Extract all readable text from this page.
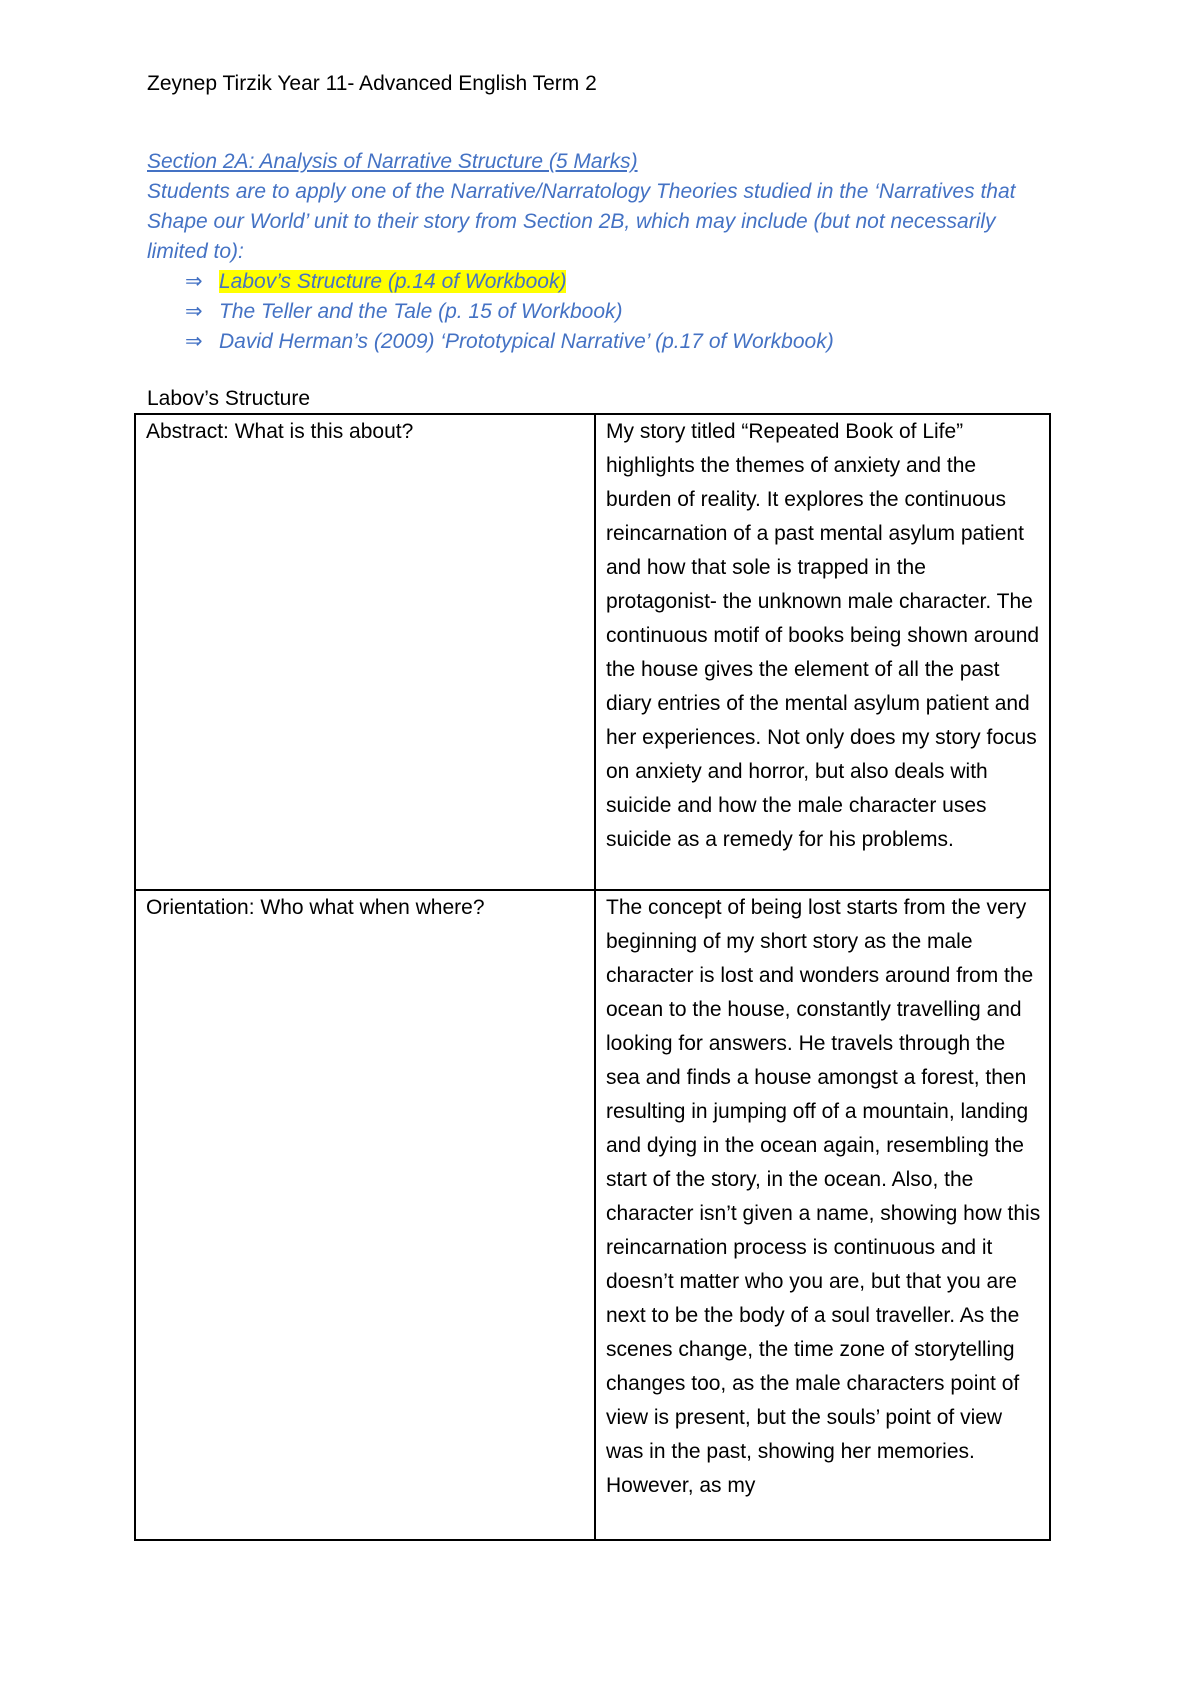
Zeynep Tirzik Year 11- Advanced English Term 2
Section 2A: Analysis of Narrative Structure (5 Marks)
Students are to apply one of the Narrative/Narratology Theories studied in the ‘Narratives that Shape our World’ unit to their story from Section 2B, which may include (but not necessarily limited to):
⇒ Labov’s Structure (p.14 of Workbook)
⇒ The Teller and the Tale (p. 15 of Workbook)
⇒ David Herman’s (2009) ‘Prototypical Narrative’ (p.17 of Workbook)
Labov’s Structure
Abstract: What is this about?	My story titled “Repeated Book of Life” highlights the themes of anxiety and the burden of reality. It explores the continuous reincarnation of a past mental asylum patient and how that sole is trapped in the protagonist- the unknown male character. The continuous motif of books being shown around the house gives the element of all the past diary entries of the mental asylum patient and her experiences. Not only does my story focus on anxiety and horror, but also deals with suicide and how the male character uses suicide as a remedy for his problems.
Orientation: Who what when where?	The concept of being lost starts from the very beginning of my short story as the male character is lost and wonders around from the ocean to the house, constantly travelling and looking for answers. He travels through the sea and finds a house amongst a forest, then resulting in jumping off of a mountain, landing and dying in the ocean again, resembling the start of the story, in the ocean. Also, the character isn’t given a name, showing how this reincarnation process is continuous and it doesn’t matter who you are, but that you are next to be the body of a soul traveller. As the scenes change, the time zone of storytelling changes too, as the male characters point of view is present, but the souls’ point of view was in the past, showing her memories. However, as my
